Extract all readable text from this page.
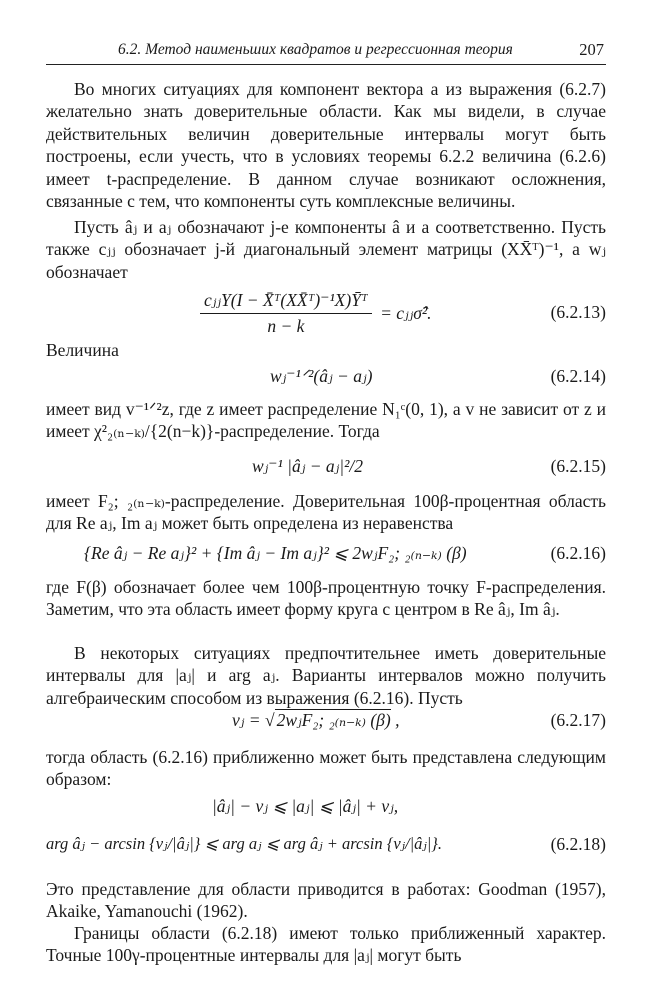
6.2. Метод наименьших квадратов и регрессионная теория	207
Во многих ситуациях для компонент вектора a из выражения (6.2.7) желательно знать доверительные области. Как мы видели, в случае действительных величин доверительные интервалы могут быть построены, если учесть, что в условиях теоремы 6.2.2 величина (6.2.6) имеет t-распределение. В данном случае возникают осложнения, связанные с тем, что компоненты суть комплексные величины.
Пусть âⱼ и aⱼ обозначают j-е компоненты â и a соответственно. Пусть также cⱼⱼ обозначает j-й диагональный элемент матрицы (XX̄ᵀ)⁻¹, а wⱼ обозначает
$\frac{\text{cⱼⱼY(I − X̄ᵀ(XX̄ᵀ)⁻¹X)Ȳᵀ}}{n - k}$ = cⱼⱼσ̂².	(6.2.13)
Величина
wⱼ⁻¹ᐟ²(âⱼ − aⱼ)	(6.2.14)
имеет вид v⁻¹ᐟ²z, где z имеет распределение N₁ᶜ(0, 1), а v не зависит от z и имеет χ²₂₍ₙ₋ₖ₎/{2(n−k)}-распределение. Тогда
wⱼ⁻¹ |âⱼ − aⱼ|²/2	(6.2.15)
имеет F₂; ₂₍ₙ₋ₖ₎-распределение. Доверительная 100β-процентная область для Re aⱼ, Im aⱼ может быть определена из неравенства
{Re âⱼ − Re aⱼ}² + {Im âⱼ − Im aⱼ}² ⩽ 2wⱼF₂; ₂₍ₙ₋ₖ₎ (β)	(6.2.16)
где F(β) обозначает более чем 100β-процентную точку F-распределения. Заметим, что эта область имеет форму круга с центром в Re âⱼ, Im âⱼ.
В некоторых ситуациях предпочтительнее иметь доверительные интервалы для |aⱼ| и arg aⱼ. Варианты интервалов можно получить алгебраическим способом из выражения (6.2.16). Пусть
vⱼ = √ 2wⱼF₂; ₂₍ₙ₋ₖ₎ (β) ,	(6.2.17)
тогда область (6.2.16) приближенно может быть представлена следующим образом:
|âⱼ| − vⱼ ⩽ |aⱼ| ⩽ |âⱼ| + vⱼ,
arg âⱼ − arcsin {vⱼ/|âⱼ|} ⩽ arg aⱼ ⩽ arg âⱼ + arcsin {vⱼ/|âⱼ|}.	(6.2.18)
Это представление для области приводится в работах: Goodman (1957), Akaike, Yamanouchi (1962).
Границы области (6.2.18) имеют только приближенный характер. Точные 100γ-процентные интервалы для |aⱼ| могут быть
